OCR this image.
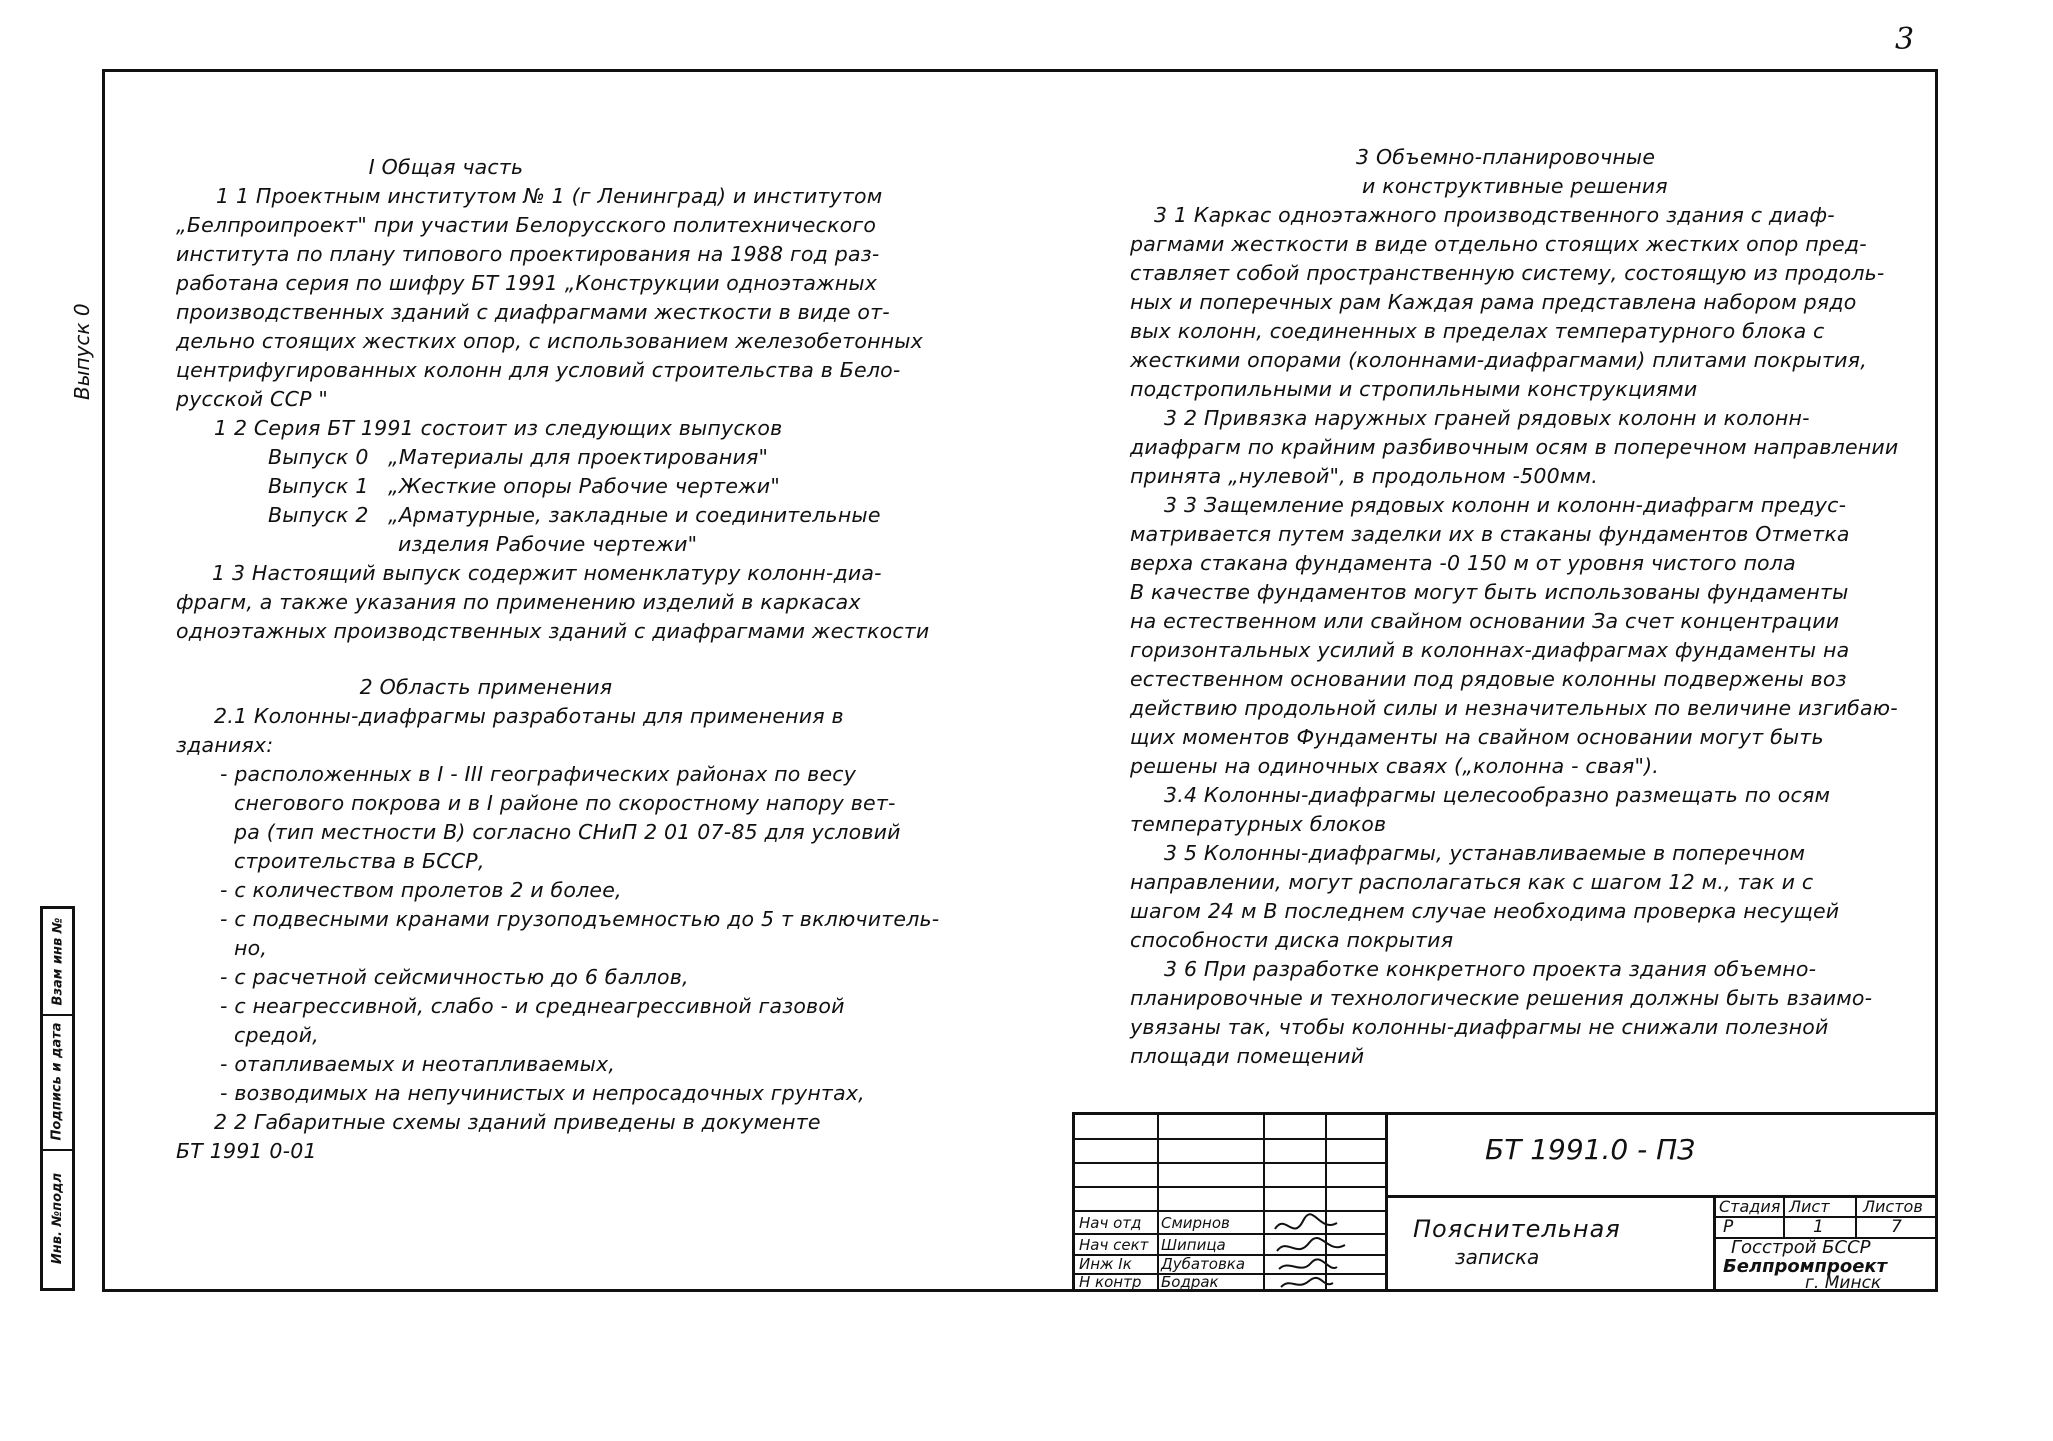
3
Выпуск 0
Инв. №подл
Подпись и дата
Взам инв №
I Общая часть
1 1 Проектным институтом № 1 (г Ленинград) и институтом
„Белпроипроект" при участии Белорусского политехнического
института по плану типового проектирования на 1988 год раз-
работана серия по шифру БТ 1991 „Конструкции одноэтажных
производственных зданий с диафрагмами жесткости в виде от-
дельно стоящих жестких опор, с использованием железобетонных
центрифугированных колонн для условий строительства в Бело-
русской ССР "
1 2 Серия БТ 1991 состоит из следующих выпусков
Выпуск 0 „Материалы для проектирования"
Выпуск 1 „Жесткие опоры Рабочие чертежи"
Выпуск 2 „Арматурные, закладные и соединительные
изделия Рабочие чертежи"
1 3 Настоящий выпуск содержит номенклатуру колонн-диа-
фрагм, а также указания по применению изделий в каркасах
одноэтажных производственных зданий с диафрагмами жесткости
2 Область применения
2.1 Колонны-диафрагмы разработаны для применения в
зданиях:
- расположенных в I - III географических районах по весу
снегового покрова и в I районе по скоростному напору вет-
ра (тип местности В) согласно СНиП 2 01 07-85 для условий
строительства в БССР,
- с количеством пролетов 2 и более,
- с подвесными кранами грузоподъемностью до 5 т включитель-
но,
- с расчетной сейсмичностью до 6 баллов,
- с неагрессивной, слабо - и среднеагрессивной газовой
средой,
- отапливаемых и неотапливаемых,
- возводимых на непучинистых и непросадочных грунтах,
2 2 Габаритные схемы зданий приведены в документе
БТ 1991 0-01
3 Объемно-планировочные
и конструктивные решения
3 1 Каркас одноэтажного производственного здания с диаф-
рагмами жесткости в виде отдельно стоящих жестких опор пред-
ставляет собой пространственную систему, состоящую из продоль-
ных и поперечных рам Каждая рама представлена набором рядо
вых колонн, соединенных в пределах температурного блока с
жесткими опорами (колоннами-диафрагмами) плитами покрытия,
подстропильными и стропильными конструкциями
3 2 Привязка наружных граней рядовых колонн и колонн-
диафрагм по крайним разбивочным осям в поперечном направлении
принята „нулевой", в продольном -500мм.
3 3 Защемление рядовых колонн и колонн-диафрагм предус-
матривается путем заделки их в стаканы фундаментов Отметка
верха стакана фундамента -0 150 м от уровня чистого пола
В качестве фундаментов могут быть использованы фундаменты
на естественном или свайном основании За счет концентрации
горизонтальных усилий в колоннах-диафрагмах фундаменты на
естественном основании под рядовые колонны подвержены воз
действию продольной силы и незначительных по величине изгибаю-
щих моментов Фундаменты на свайном основании могут быть
решены на одиночных сваях („колонна - свая").
3.4 Колонны-диафрагмы целесообразно размещать по осям
температурных блоков
3 5 Колонны-диафрагмы, устанавливаемые в поперечном
направлении, могут располагаться как с шагом 12 м., так и с
шагом 24 м В последнем случае необходима проверка несущей
способности диска покрытия
3 6 При разработке конкретного проекта здания объемно-
планировочные и технологические решения должны быть взаимо-
увязаны так, чтобы колонны-диафрагмы не снижали полезной
площади помещений
Нач отд Смирнов
Нач сект Шипица
Инж Iк Дубатовка
Н контр Бодрак
БТ 1991.0 - ПЗ
Пояснительная
записка
Стадия Лист Листов
Р	1	7
Госстрой БССР
Белпромпроект
г. Минск
